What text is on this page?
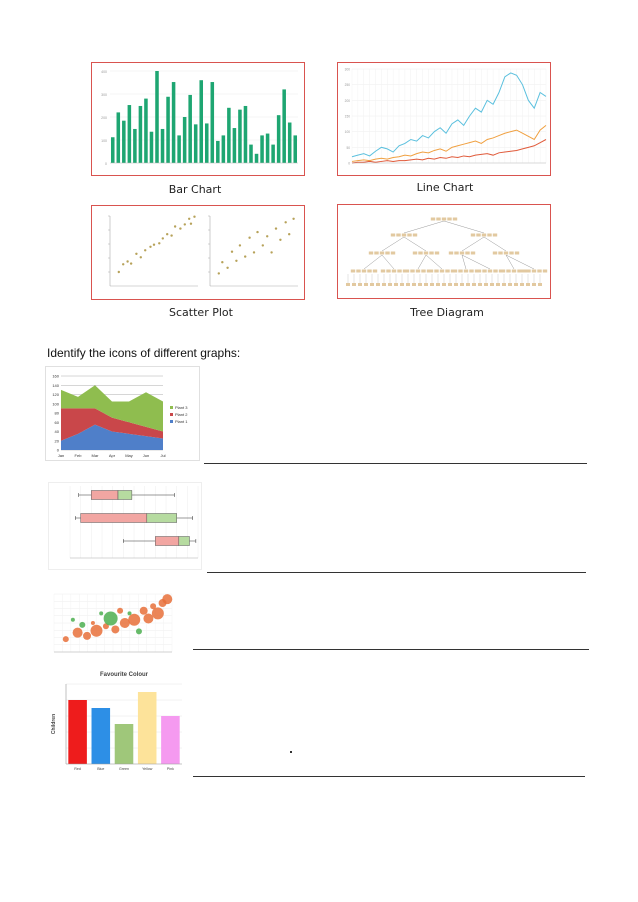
400
300
200
100
0
Bar Chart
300
250
200
150
100
50
0
Line Chart
Scatter Plot	Tree Diagram
Identify the icons of different graphs:
160
140
120
100
80
60
40
20
0
Jan	Feb	Mar	Apr	May Jun	Jul
Plant 3
Plant 2
Plant 1
Favourite Colour
Children
Red	Blue	Green	Yellow	Pink
